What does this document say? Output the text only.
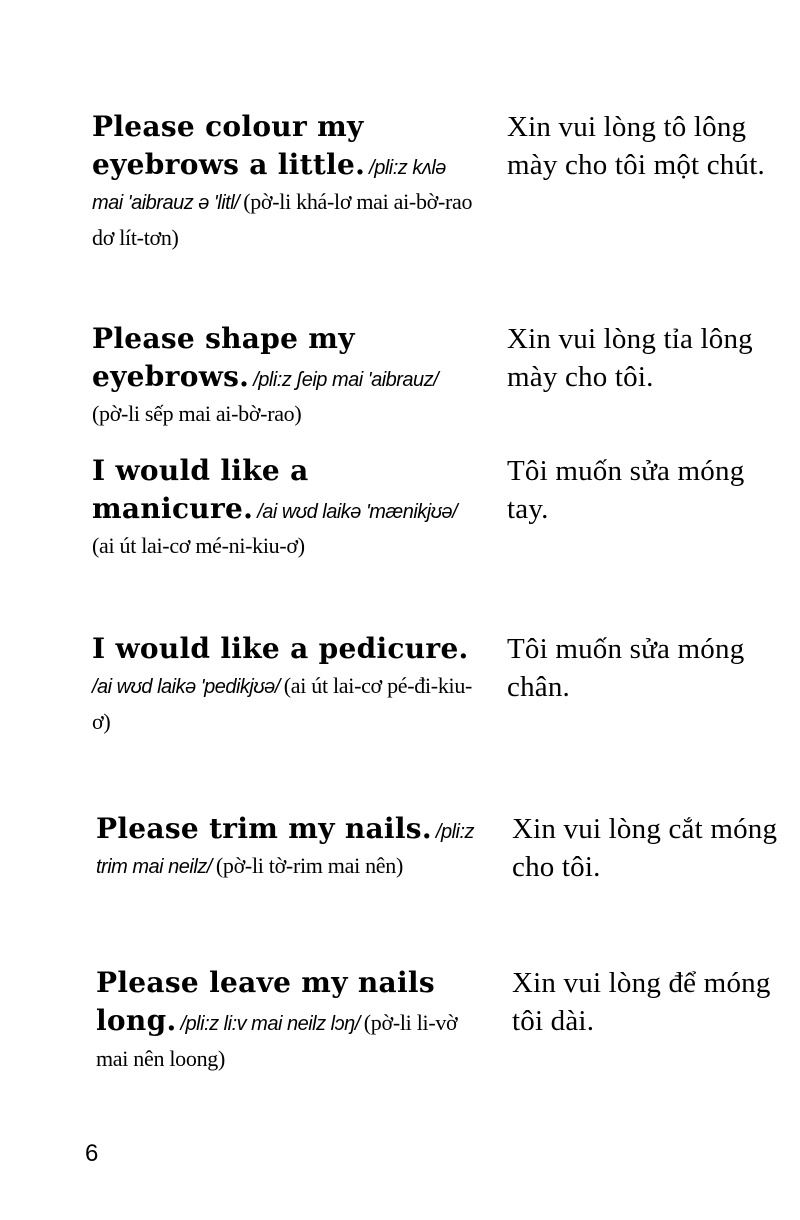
Please colour my eyebrows a little. /pli:z kʌlə mai 'aibrauz ə 'litl/ (pờ-li khá-lơ mai ai-bờ-rao dơ lít-tơn)
Xin vui lòng tô lông mày cho tôi một chút.
Please shape my eyebrows. /pli:z ʃeip mai 'aibrauz/ (pờ-li sếp mai ai-bờ-rao)
Xin vui lòng tỉa lông mày cho tôi.
I would like a manicure. /ai wʊd laikə 'mænikjʊə/ (ai út lai-cơ mé-ni-kiu-ơ)
Tôi muốn sửa móng tay.
I would like a pedicure. /ai wʊd laikə 'pedikjʊə/ (ai út lai-cơ pé-đi-kiu-ơ)
Tôi muốn sửa móng chân.
Please trim my nails. /pli:z trim mai neilz/ (pờ-li tờ-rim mai nên)
Xin vui lòng cắt móng cho tôi.
Please leave my nails long. /pli:z li:v mai neilz lɔŋ/ (pờ-li li-vờ mai nên loong)
Xin vui lòng để móng tôi dài.
6
